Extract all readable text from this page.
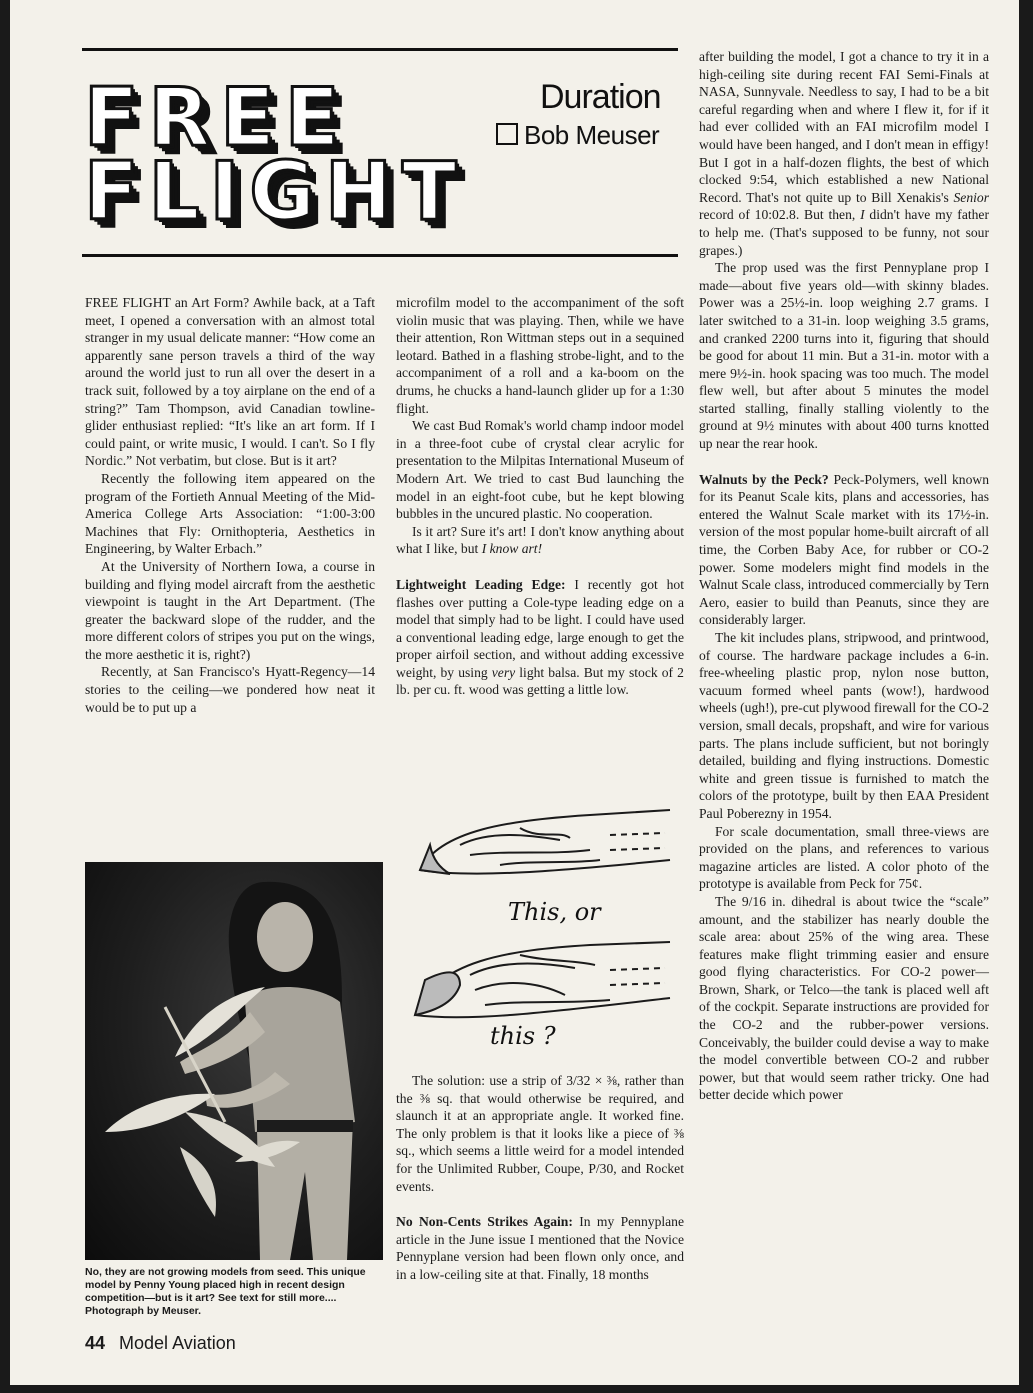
FREE
FLIGHT
Duration
Bob Meuser

FREE FLIGHT an Art Form? Awhile back, at a Taft meet, I opened a conversation with an almost total stranger in my usual delicate manner: “How come an apparently sane person travels a third of the way around the world just to run all over the desert in a track suit, followed by a toy airplane on the end of a string?” Tam Thompson, avid Canadian towline-glider enthusiast replied: “It's like an art form. If I could paint, or write music, I would. I can't. So I fly Nordic.” Not verbatim, but close. But is it art?

Recently the following item appeared on the program of the Fortieth Annual Meeting of the Mid-America College Arts Association: “1:00-3:00 Machines that Fly: Ornithopteria, Aesthetics in Engineering, by Walter Erbach.”

At the University of Northern Iowa, a course in building and flying model aircraft from the aesthetic viewpoint is taught in the Art Department. (The greater the backward slope of the rudder, and the more different colors of stripes you put on the wings, the more aesthetic it is, right?)

Recently, at San Francisco's Hyatt-Regency—14 stories to the ceiling—we pondered how neat it would be to put up a

No, they are not growing models from seed. This unique model by Penny Young placed high in recent design competition—but is it art? See text for still more.... Photograph by Meuser.

microfilm model to the accompaniment of the soft violin music that was playing. Then, while we have their attention, Ron Wittman steps out in a sequined leotard. Bathed in a flashing strobe-light, and to the accompaniment of a roll and a ka-boom on the drums, he chucks a hand-launch glider up for a 1:30 flight.

We cast Bud Romak's world champ indoor model in a three-foot cube of crystal clear acrylic for presentation to the Milpitas International Museum of Modern Art. We tried to cast Bud launching the model in an eight-foot cube, but he kept blowing bubbles in the uncured plastic. No cooperation.

Is it art? Sure it's art! I don't know anything about what I like, but I know art!

Lightweight Leading Edge: I recently got hot flashes over putting a Cole-type leading edge on a model that simply had to be light. I could have used a conventional leading edge, large enough to get the proper airfoil section, and without adding excessive weight, by using very light balsa. But my stock of 2 lb. per cu. ft. wood was getting a little low.

This, or
this ?

The solution: use a strip of 3/32 × ⅜, rather than the ⅜ sq. that would otherwise be required, and slaunch it at an appropriate angle. It worked fine. The only problem is that it looks like a piece of ⅜ sq., which seems a little weird for a model intended for the Unlimited Rubber, Coupe, P/30, and Rocket events.

No Non-Cents Strikes Again: In my Pennyplane article in the June issue I mentioned that the Novice Pennyplane version had been flown only once, and in a low-ceiling site at that. Finally, 18 months

after building the model, I got a chance to try it in a high-ceiling site during recent FAI Semi-Finals at NASA, Sunnyvale. Needless to say, I had to be a bit careful regarding when and where I flew it, for if it had ever collided with an FAI microfilm model I would have been hanged, and I don't mean in effigy! But I got in a half-dozen flights, the best of which clocked 9:54, which established a new National Record. That's not quite up to Bill Xenakis's Senior record of 10:02.8. But then, I didn't have my father to help me. (That's supposed to be funny, not sour grapes.)

The prop used was the first Pennyplane prop I made—about five years old—with skinny blades. Power was a 25½-in. loop weighing 2.7 grams. I later switched to a 31-in. loop weighing 3.5 grams, and cranked 2200 turns into it, figuring that should be good for about 11 min. But a 31-in. motor with a mere 9½-in. hook spacing was too much. The model flew well, but after about 5 minutes the model started stalling, finally stalling violently to the ground at 9½ minutes with about 400 turns knotted up near the rear hook.

Walnuts by the Peck? Peck-Polymers, well known for its Peanut Scale kits, plans and accessories, has entered the Walnut Scale market with its 17½-in. version of the most popular home-built aircraft of all time, the Corben Baby Ace, for rubber or CO-2 power. Some modelers might find models in the Walnut Scale class, introduced commercially by Tern Aero, easier to build than Peanuts, since they are considerably larger.

The kit includes plans, stripwood, and printwood, of course. The hardware package includes a 6-in. free-wheeling plastic prop, nylon nose button, vacuum formed wheel pants (wow!), hardwood wheels (ugh!), pre-cut plywood firewall for the CO-2 version, small decals, propshaft, and wire for various parts. The plans include sufficient, but not boringly detailed, building and flying instructions. Domestic white and green tissue is furnished to match the colors of the prototype, built by then EAA President Paul Poberezny in 1954.

For scale documentation, small three-views are provided on the plans, and references to various magazine articles are listed. A color photo of the prototype is available from Peck for 75¢.

The 9/16 in. dihedral is about twice the “scale” amount, and the stabilizer has nearly double the scale area: about 25% of the wing area. These features make flight trimming easier and ensure good flying characteristics. For CO-2 power—Brown, Shark, or Telco—the tank is placed well aft of the cockpit. Separate instructions are provided for the CO-2 and the rubber-power versions. Conceivably, the builder could devise a way to make the model convertible between CO-2 and rubber power, but that would seem rather tricky. One had better decide which power

44 Model Aviation
